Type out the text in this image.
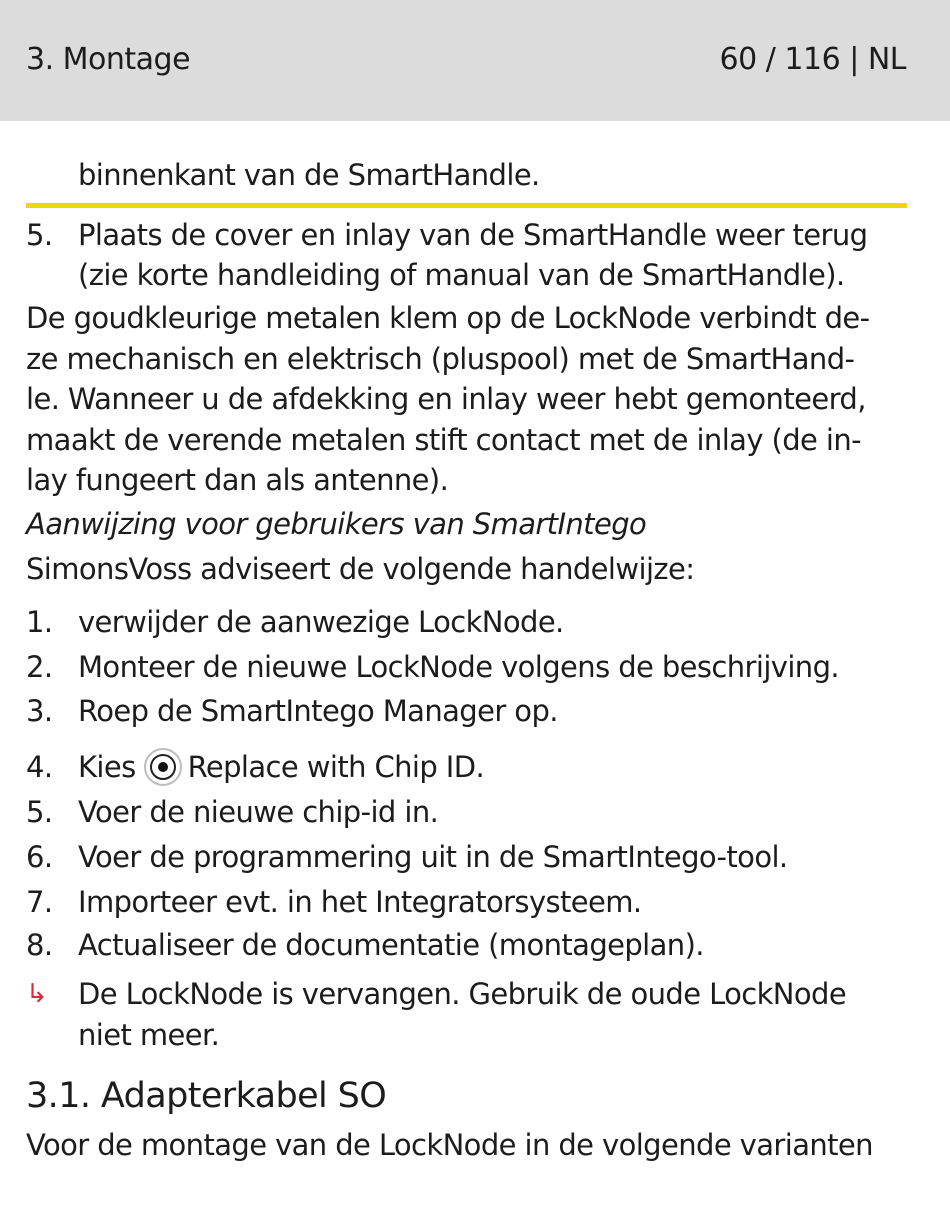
3. Montage	60 / 116 | NL
binnenkant van de SmartHandle.
5. Plaats de cover en inlay van de SmartHandle weer terug
(zie korte handleiding of manual van de SmartHandle).
De goudkleurige metalen klem op de LockNode verbindt de-
ze mechanisch en elektrisch (pluspool) met de SmartHand-
le. Wanneer u de afdekking en inlay weer hebt gemonteerd,
maakt de verende metalen stift contact met de inlay (de in-
lay fungeert dan als antenne).
Aanwijzing voor gebruikers van SmartIntego
SimonsVoss adviseert de volgende handelwijze:
1. verwijder de aanwezige LockNode.
2. Monteer de nieuwe LockNode volgens de beschrijving.
3. Roep de SmartIntego Manager op.
4. Kies Replace with Chip ID.
5. Voer de nieuwe chip-id in.
6. Voer de programmering uit in de SmartIntego-tool.
7. Importeer evt. in het Integratorsysteem.
8. Actualiseer de documentatie (montageplan).
↳ De LockNode is vervangen. Gebruik de oude LockNode
niet meer.
3.1. Adapterkabel SO
Voor de montage van de LockNode in de volgende varianten
